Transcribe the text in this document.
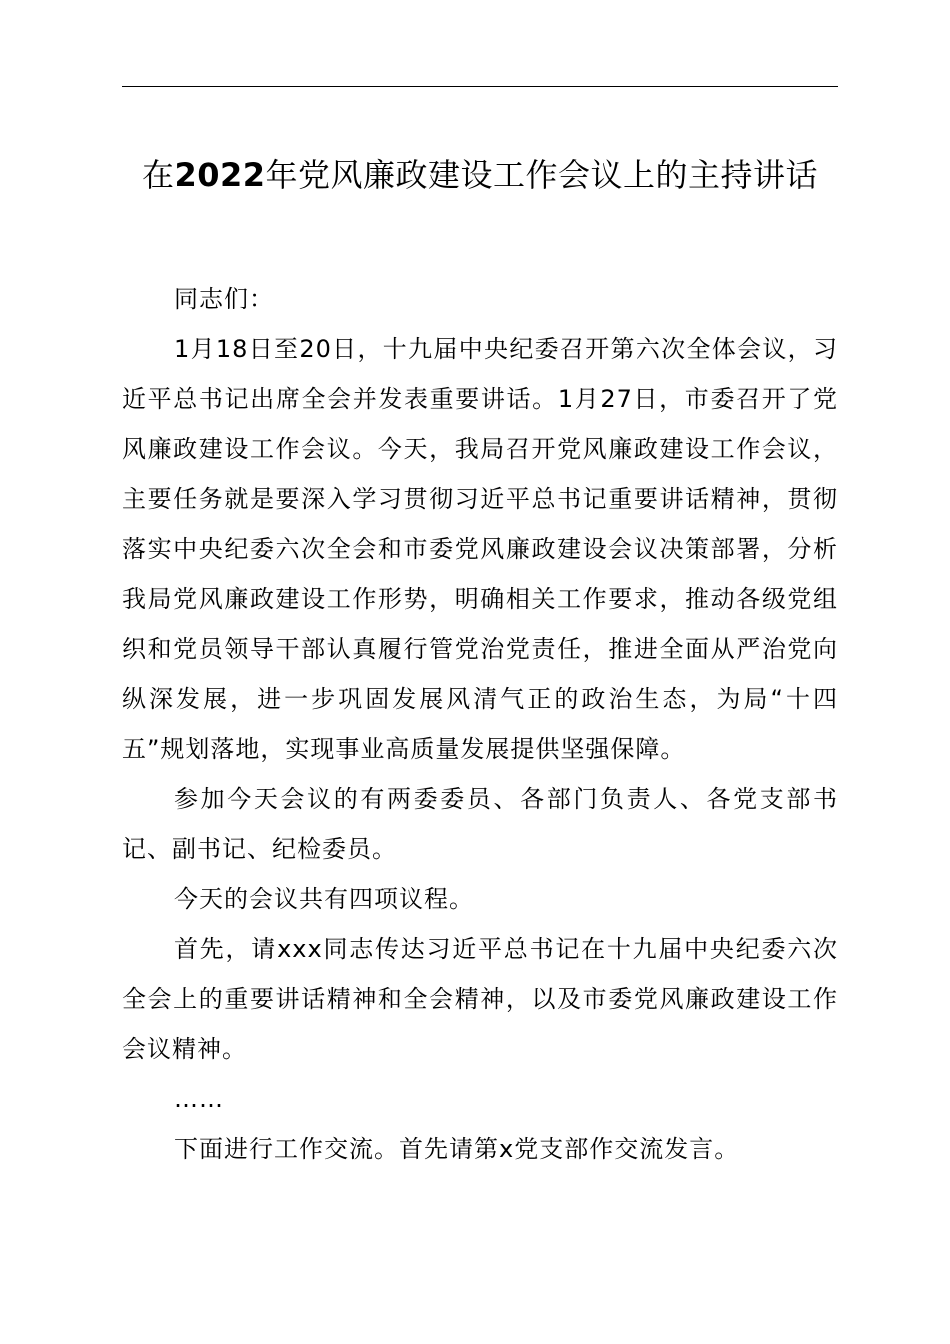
在2022年党风廉政建设工作会议上的主持讲话

同志们：

1月18日至20日，十九届中央纪委召开第六次全体会议，习近平总书记出席全会并发表重要讲话。1月27日，市委召开了党风廉政建设工作会议。今天，我局召开党风廉政建设工作会议，主要任务就是要深入学习贯彻习近平总书记重要讲话精神，贯彻落实中央纪委六次全会和市委党风廉政建设会议决策部署，分析我局党风廉政建设工作形势，明确相关工作要求，推动各级党组织和党员领导干部认真履行管党治党责任，推进全面从严治党向纵深发展，进一步巩固发展风清气正的政治生态，为局“十四五”规划落地，实现事业高质量发展提供坚强保障。

参加今天会议的有两委委员、各部门负责人、各党支部书记、副书记、纪检委员。

今天的会议共有四项议程。

首先，请xxx同志传达习近平总书记在十九届中央纪委六次全会上的重要讲话精神和全会精神，以及市委党风廉政建设工作会议精神。

……

下面进行工作交流。首先请第x党支部作交流发言。
